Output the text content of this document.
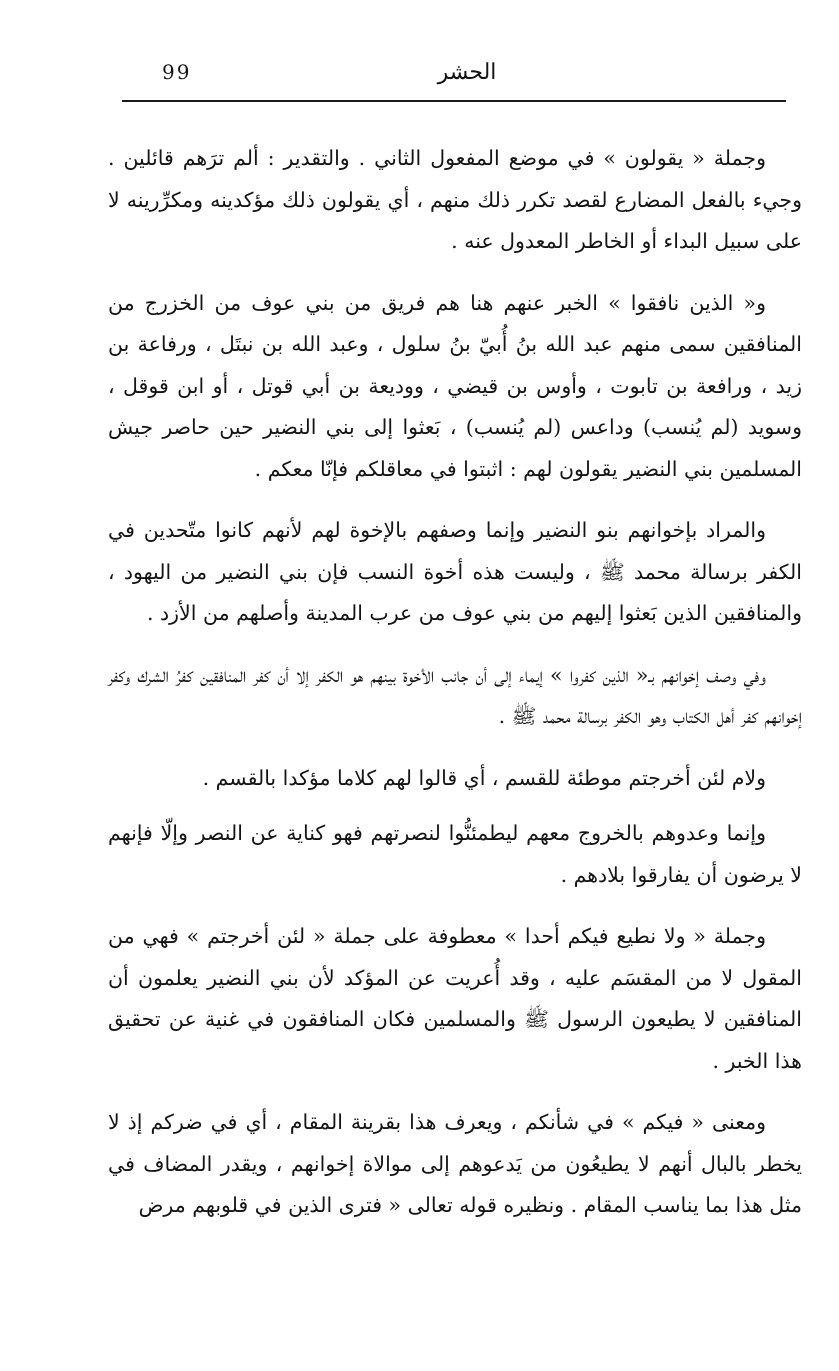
99	الحشر

وجملة « يقولون » في موضع المفعول الثاني . والتقدير : ألم ترَهم قائلين . وجيء بالفعل المضارع لقصد تكرر ذلك منهم ، أي يقولون ذلك مؤكدينه ومكرِّرينه لا على سبيل البداء أو الخاطر المعدول عنه .

و« الذين نافقوا » الخبر عنهم هنا هم فريق من بني عوف من الخزرج من المنافقين سمى منهم عبد الله بنُ أُبيّ بنُ سلول ، وعبد الله بن نبتَل ، ورفاعة بن زيد ، ورافعة بن تابوت ، وأوس بن قيضي ، ووديعة بن أبي قوتل ، أو ابن قوقل ، وسويد (لم يُنسب) وداعس (لم يُنسب) ، بَعثوا إلى بني النضير حين حاصر جيش المسلمين بني النضير يقولون لهم : اثبتوا في معاقلكم فإنّا معكم .

والمراد بإخوانهم بنو النضير وإنما وصفهم بالإخوة لهم لأنهم كانوا متّحدين في الكفر برسالة محمد ﷺ ، وليست هذه أخوة النسب فإن بني النضير من اليهود ، والمنافقين الذين بَعثوا إليهم من بني عوف من عرب المدينة وأصلهم من الأزد .

وفي وصف إخوانهم بـ« الذين كفروا » إيماء إلى أن جانب الأخوة بينهم هو الكفر إلا أن كفر المنافقين كفرُ الشرك وكفر إخوانهم كفر أهل الكتاب وهو الكفر برسالة محمد ﷺ .

ولام لئن أخرجتم موطئة للقسم ، أي قالوا لهم كلاما مؤكدا بالقسم .

وإنما وعدوهم بالخروج معهم ليطمئنُّوا لنصرتهم فهو كناية عن النصر وإلّا فإنهم لا يرضون أن يفارقوا بلادهم .

وجملة « ولا نطيع فيكم أحدا » معطوفة على جملة « لئن أخرجتم » فهي من المقول لا من المقسَم عليه ، وقد أُعريت عن المؤكد لأن بني النضير يعلمون أن المنافقين لا يطيعون الرسول ﷺ والمسلمين فكان المنافقون في غنية عن تحقيق هذا الخبر .

ومعنى « فيكم » في شأنكم ، ويعرف هذا بقرينة المقام ، أي في ضركم إذ لا يخطر بالبال أنهم لا يطيعُون من يَدعوهم إلى موالاة إخوانهم ، ويقدر المضاف في مثل هذا بما يناسب المقام . ونظيره قوله تعالى « فترى الذين في قلوبهم مرض
